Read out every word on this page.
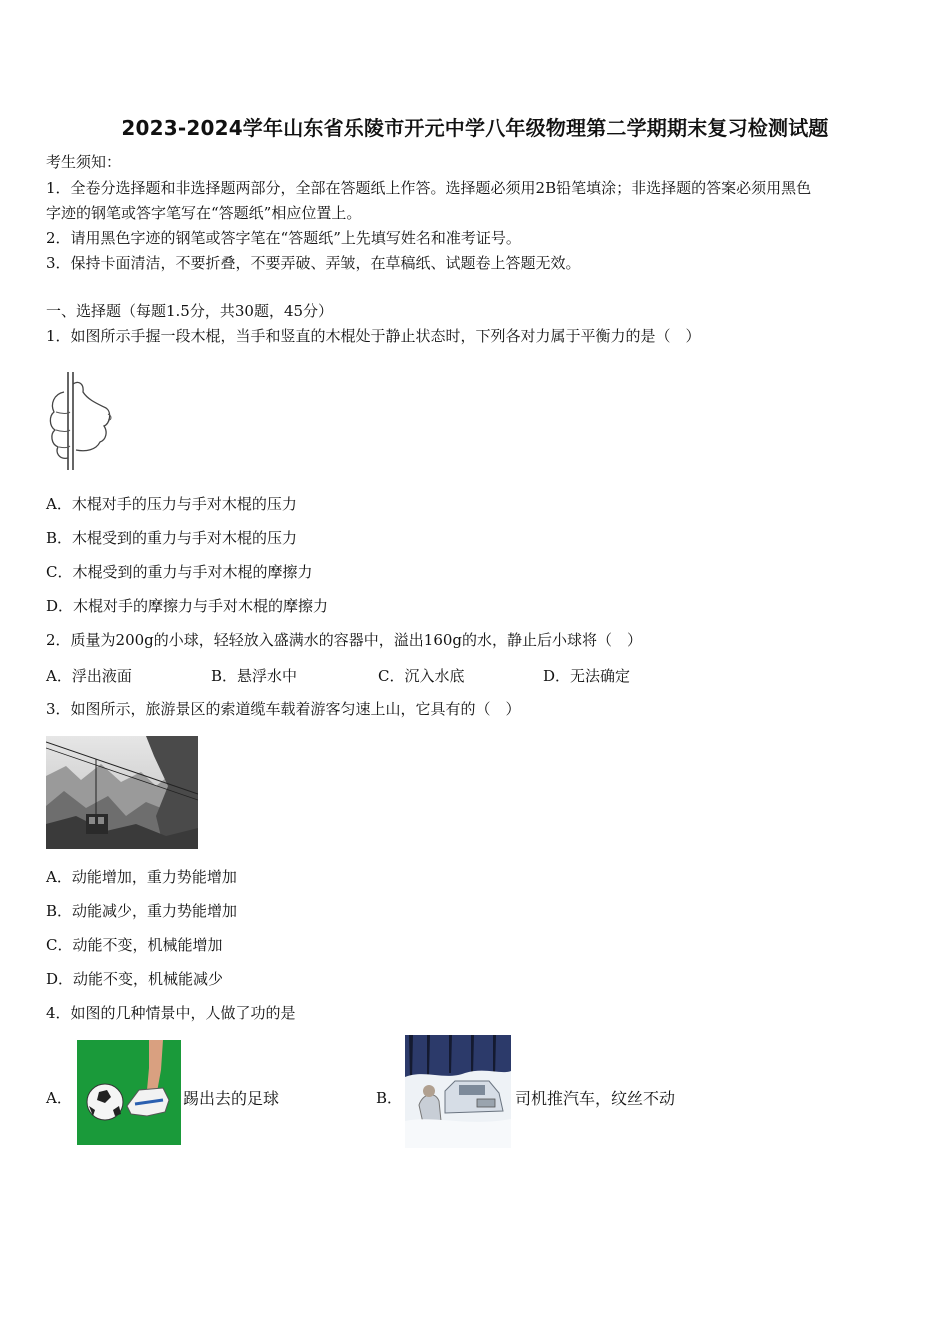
2023-2024学年山东省乐陵市开元中学八年级物理第二学期期末复习检测试题
考生须知：
1．全卷分选择题和非选择题两部分，全部在答题纸上作答。选择题必须用2B铅笔填涂；非选择题的答案必须用黑色
字迹的钢笔或答字笔写在“答题纸”相应位置上。
2．请用黑色字迹的钢笔或答字笔在“答题纸”上先填写姓名和准考证号。
3．保持卡面清洁，不要折叠，不要弄破、弄皱，在草稿纸、试题卷上答题无效。
一、选择题（每题1.5分，共30题，45分）
1．如图所示手握一段木棍，当手和竖直的木棍处于静止状态时，下列各对力属于平衡力的是（　）
A．木棍对手的压力与手对木棍的压力
B．木棍受到的重力与手对木棍的压力
C．木棍受到的重力与手对木棍的摩擦力
D．木棍对手的摩擦力与手对木棍的摩擦力
2．质量为200g的小球，轻轻放入盛满水的容器中，溢出160g的水，静止后小球将（　）
A．浮出液面	B．悬浮水中	C．沉入水底	D．无法确定
3．如图所示，旅游景区的索道缆车载着游客匀速上山，它具有的（　）
A．动能增加，重力势能增加
B．动能减少，重力势能增加
C．动能不变，机械能增加
D．动能不变，机械能减少
4．如图的几种情景中，人做了功的是
A．	踢出去的足球	B．	司机推汽车，纹丝不动
